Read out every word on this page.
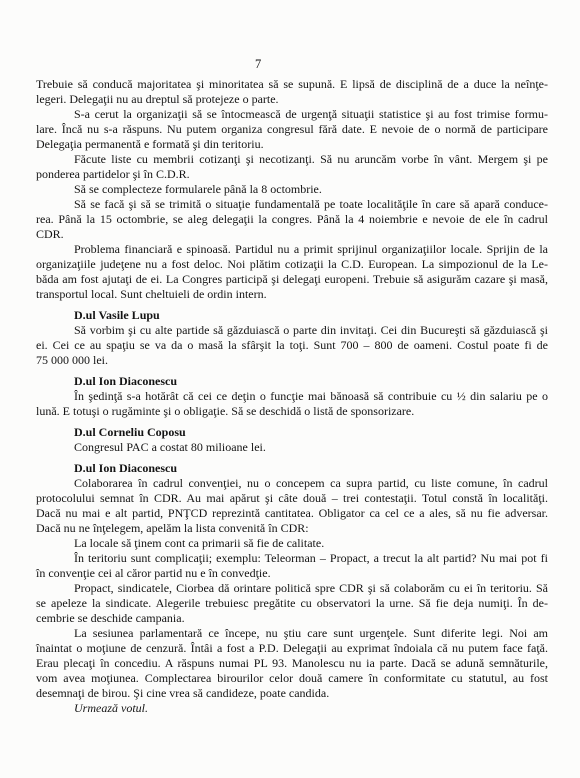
7
Trebuie să conducă majoritatea şi minoritatea să se supună. E lipsă de disciplină de a duce la neînţe-
legeri. Delegaţii nu au dreptul să protejeze o parte.
S-a cerut la organizaţii să se întocmească de urgenţă situaţii statistice şi au fost trimise formu-
lare. Încă nu s-a răspuns. Nu putem organiza congresul fără date. E nevoie de o normă de participare
Delegaţia permanentă e formată şi din teritoriu.
Făcute liste cu membrii cotizanţi şi necotizanţi. Să nu aruncăm vorbe în vânt. Mergem şi pe
ponderea partidelor şi în C.D.R.
Să se complecteze formularele până la 8 octombrie.
Să se facă şi să se trimită o situaţie fundamentală pe toate localităţile în care să apară conduce-
rea. Până la 15 octombrie, se aleg delegaţii la congres. Până la 4 noiembrie e nevoie de ele în cadrul
CDR.
Problema financiară e spinoasă. Partidul nu a primit sprijinul organizaţiilor locale. Sprijin de la
organizaţiile judeţene nu a fost deloc. Noi plătim cotizaţii la C.D. European. La simpozionul de la Le-
băda am fost ajutaţi de ei. La Congres participă şi delegaţi europeni. Trebuie să asigurăm cazare şi masă,
transportul local. Sunt cheltuieli de ordin intern.
D.ul Vasile Lupu
Să vorbim şi cu alte partide să găzduiască o parte din invitaţi. Cei din Bucureşti să găzduiască şi
ei. Cei ce au spaţiu se va da o masă la sfârşit la toţi. Sunt 700 – 800 de oameni. Costul poate fi de
75 000 000 lei.
D.ul Ion Diaconescu
În şedinţă s-a hotărât că cei ce deţin o funcţie mai bănoasă să contribuie cu ½ din salariu pe o
lună. E totuşi o rugăminte şi o obligaţie. Să se deschidă o listă de sponsorizare.
D.ul Corneliu Coposu
Congresul PAC a costat 80 milioane lei.
D.ul Ion Diaconescu
Colaborarea în cadrul convenţiei, nu o concepem ca supra partid, cu liste comune, în cadrul
protocolului semnat în CDR. Au mai apărut şi câte două – trei contestaţii. Totul constă în localităţi.
Dacă nu mai e alt partid, PNŢCD reprezintă cantitatea. Obligator ca cel ce a ales, să nu fie adversar.
Dacă nu ne înţelegem, apelăm la lista convenită în CDR:
La locale să ţinem cont ca primarii să fie de calitate.
În teritoriu sunt complicaţii; exemplu: Teleorman – Propact, a trecut la alt partid? Nu mai pot fi
în convenţie cei al căror partid nu e în convedţie.
Propact, sindicatele, Ciorbea dă orintare politică spre CDR şi să colaborăm cu ei în teritoriu. Să
se apeleze la sindicate. Alegerile trebuiesc pregătite cu observatori la urne. Să fie deja numiţi. În de-
cembrie se deschide campania.
La sesiunea parlamentară ce începe, nu ştiu care sunt urgenţele. Sunt diferite legi. Noi am
înaintat o moţiune de cenzură. Întâi a fost a P.D. Delegaţii au exprimat îndoiala că nu putem face faţă.
Erau plecaţi în concediu. A răspuns numai PL 93. Manolescu nu ia parte. Dacă se adună semnăturile,
vom avea moţiunea. Complectarea birourilor celor două camere în conformitate cu statutul, au fost
desemnaţi de birou. Şi cine vrea să candideze, poate candida.
Urmează votul.
